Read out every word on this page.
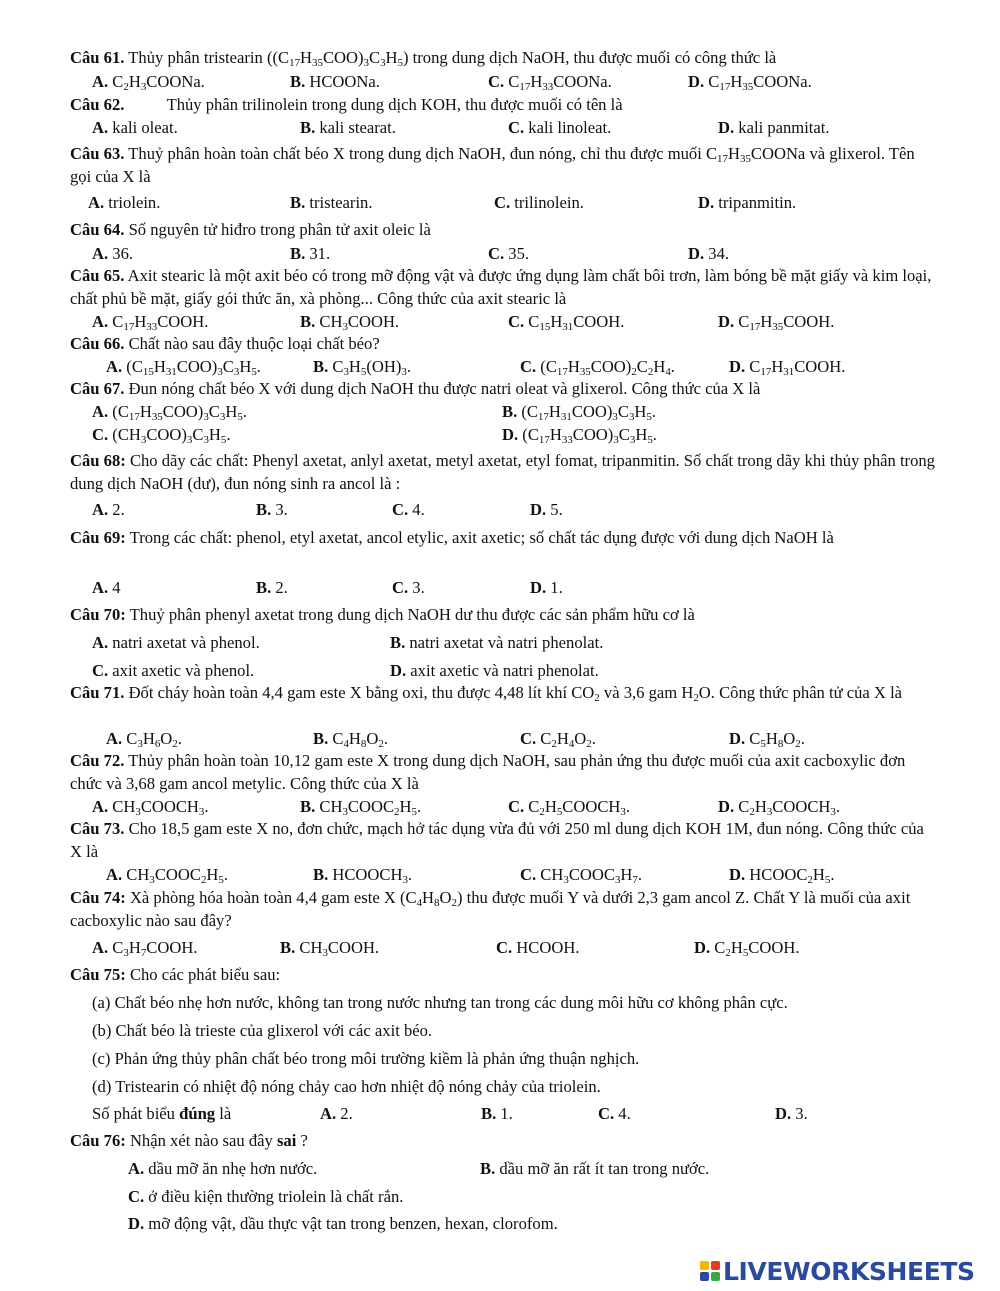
Câu 61. Thủy phân tristearin $((C_{17}H_{35}COO)_3C_3H_5)$ trong dung dịch NaOH, thu được muối có công thức là
A. $C_2H_3COONa$.	B. HCOONa.	C. $C_{17}H_{33}COONa$.	D. $C_{17}H_{35}COONa$.
Câu 62.	Thủy phân trilinolein trong dung dịch KOH, thu được muối có tên là
A. kali oleat.	B. kali stearat.	C. kali linoleat.	D. kali panmitat.
Câu 63. Thuỷ phân hoàn toàn chất béo X trong dung dịch NaOH, đun nóng, chỉ thu được muối $C_{17}H_{35}COONa$ và glixerol. Tên gọi của X là
A. triolein.	B. tristearin.	C. trilinolein.	D. tripanmitin.
Câu 64. Số nguyên tử hiđro trong phân tử axit oleic là
A. 36.	B. 31.	C. 35.	D. 34.
Câu 65. Axit stearic là một axit béo có trong mỡ động vật và được ứng dụng làm chất bôi trơn, làm bóng bề mặt giấy và kim loại, chất phủ bề mặt, giấy gói thức ăn, xà phòng... Công thức của axit stearic là
A. $C_{17}H_{33}COOH$.	B. $CH_3COOH$.	C. $C_{15}H_{31}COOH$.	D. $C_{17}H_{35}COOH$.
Câu 66. Chất nào sau đây thuộc loại chất béo?
A. $(C_{15}H_{31}COO)_3C_3H_5$.	B. $C_3H_5(OH)_3$.	C. $(C_{17}H_{35}COO)_2C_2H_4$.	D. $C_{17}H_{31}COOH$.
Câu 67. Đun nóng chất béo X với dung dịch NaOH thu được natri oleat và glixerol. Công thức của X là
A. $(C_{17}H_{35}COO)_3C_3H_5$.	B. $(C_{17}H_{31}COO)_3C_3H_5$.
C. $(CH_3COO)_3C_3H_5$.	D. $(C_{17}H_{33}COO)_3C_3H_5$.
Câu 68: Cho dãy các chất: Phenyl axetat, anlyl axetat, metyl axetat, etyl fomat, tripanmitin. Số chất trong dãy khi thủy phân trong dung dịch NaOH (dư), đun nóng sinh ra ancol là :
A. 2.	B. 3.	C. 4.	D. 5.
Câu 69: Trong các chất: phenol, etyl axetat, ancol etylic, axit axetic; số chất tác dụng được với dung dịch NaOH là
A. 4	B. 2.	C. 3.	D. 1.
Câu 70: Thuỷ phân phenyl axetat trong dung dịch NaOH dư thu được các sản phẩm hữu cơ là
A. natri axetat và phenol.	B. natri axetat và natri phenolat.
C. axit axetic và phenol.	D. axit axetic và natri phenolat.
Câu 71. Đốt cháy hoàn toàn 4,4 gam este X bằng oxi, thu được 4,48 lít khí $CO_2$ và 3,6 gam $H_2O$. Công thức phân tử của X là
A. $C_3H_6O_2$.	B. $C_4H_8O_2$.	C. $C_2H_4O_2$.	D. $C_5H_8O_2$.
Câu 72. Thủy phân hoàn toàn 10,12 gam este X trong dung dịch NaOH, sau phản ứng thu được muối của axit cacboxylic đơn chức và 3,68 gam ancol metylic. Công thức của X là
A. $CH_3COOCH_3$.	B. $CH_3COOC_2H_5$.	C. $C_2H_5COOCH_3$.	D. $C_2H_3COOCH_3$.
Câu 73. Cho 18,5 gam este X no, đơn chức, mạch hở tác dụng vừa đủ với 250 ml dung dịch KOH 1M, đun nóng. Công thức của X là
A. $CH_3COOC_2H_5$.	B. $HCOOCH_3$.	C. $CH_3COOC_3H_7$.	D. $HCOOC_2H_5$.
Câu 74: Xà phòng hóa hoàn toàn 4,4 gam este X $(C_4H_8O_2)$ thu được muối Y và dưới 2,3 gam ancol Z. Chất Y là muối của axit cacboxylic nào sau đây?
A. $C_3H_7COOH$.	B. $CH_3COOH$.	C. HCOOH.	D. $C_2H_5COOH$.
Câu 75: Cho các phát biểu sau:
(a) Chất béo nhẹ hơn nước, không tan trong nước nhưng tan trong các dung môi hữu cơ không phân cực.
(b) Chất béo là trieste của glixerol với các axit béo.
(c) Phản ứng thủy phân chất béo trong môi trường kiềm là phản ứng thuận nghịch.
(d) Tristearin có nhiệt độ nóng chảy cao hơn nhiệt độ nóng chảy của triolein.
Số phát biểu đúng là	A. 2.	B. 1.	C. 4.	D. 3.
Câu 76: Nhận xét nào sau đây sai ?
A. dầu mỡ ăn nhẹ hơn nước.	B. dầu mỡ ăn rất ít tan trong nước.
C. ở điều kiện thường triolein là chất rắn.
D. mỡ động vật, dầu thực vật tan trong benzen, hexan, clorofom.
LIVEWORKSHEETS
